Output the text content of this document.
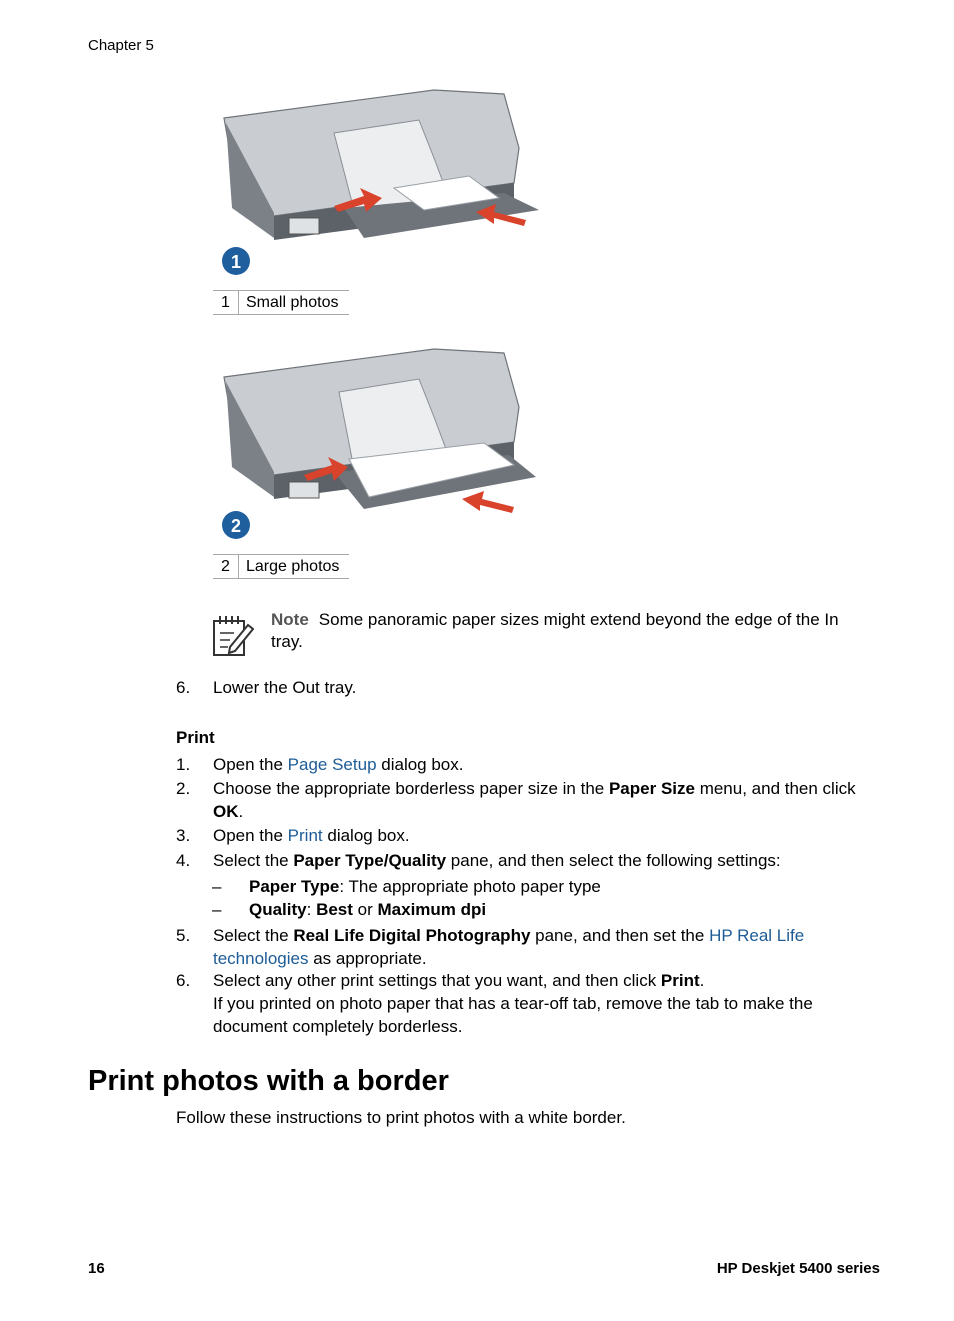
Chapter 5
1
1	Small photos
2
2	Large photos
Note Some panoramic paper sizes might extend beyond the edge of the In tray.
6.	Lower the Out tray.
Print
1.	Open the Page Setup dialog box.
2.	Choose the appropriate borderless paper size in the Paper Size menu, and then click OK.
3.	Open the Print dialog box.
4.	Select the Paper Type/Quality pane, and then select the following settings:
– Paper Type: The appropriate photo paper type
– Quality: Best or Maximum dpi
5.	Select the Real Life Digital Photography pane, and then set the HP Real Life technologies as appropriate.
6.	Select any other print settings that you want, and then click Print.
If you printed on photo paper that has a tear-off tab, remove the tab to make the document completely borderless.
Print photos with a border
Follow these instructions to print photos with a white border.
16	HP Deskjet 5400 series
